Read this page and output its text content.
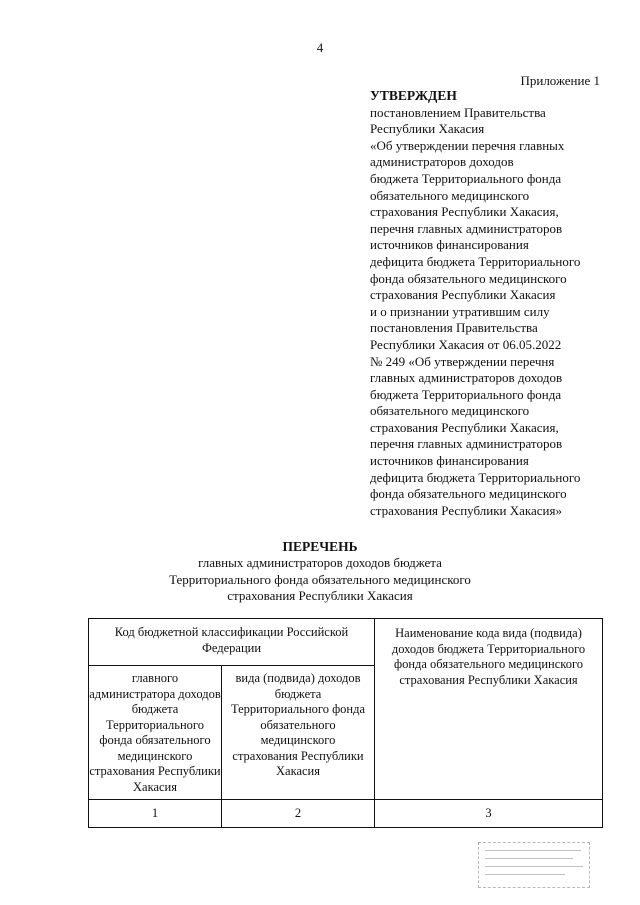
4
Приложение 1
УТВЕРЖДЕН
постановлением Правительства
Республики Хакасия
«Об утверждении перечня главных
администраторов доходов
бюджета Территориального фонда
обязательного медицинского
страхования Республики Хакасия,
перечня главных администраторов
источников финансирования
дефицита бюджета Территориального
фонда обязательного медицинского
страхования Республики Хакасия
и о признании утратившим силу
постановления Правительства
Республики Хакасия от 06.05.2022
№ 249 «Об утверждении перечня
главных администраторов доходов
бюджета Территориального фонда
обязательного медицинского
страхования Республики Хакасия,
перечня главных администраторов
источников финансирования
дефицита бюджета Территориального
фонда обязательного медицинского
страхования Республики Хакасия»
ПЕРЕЧЕНЬ
главных администраторов доходов бюджета
Территориального фонда обязательного медицинского
страхования Республики Хакасия
Код бюджетной классификации Российской Федерации		Наименование кода вида (подвида) доходов бюджета Территориального фонда обязательного медицинского страхования Республики Хакасия
главного администратора доходов бюджета Территориального фонда обязательного медицинского страхования Республики Хакасия	вида (подвида) доходов бюджета Территориального фонда обязательного медицинского страхования Республики Хакасия	
1	2	3
